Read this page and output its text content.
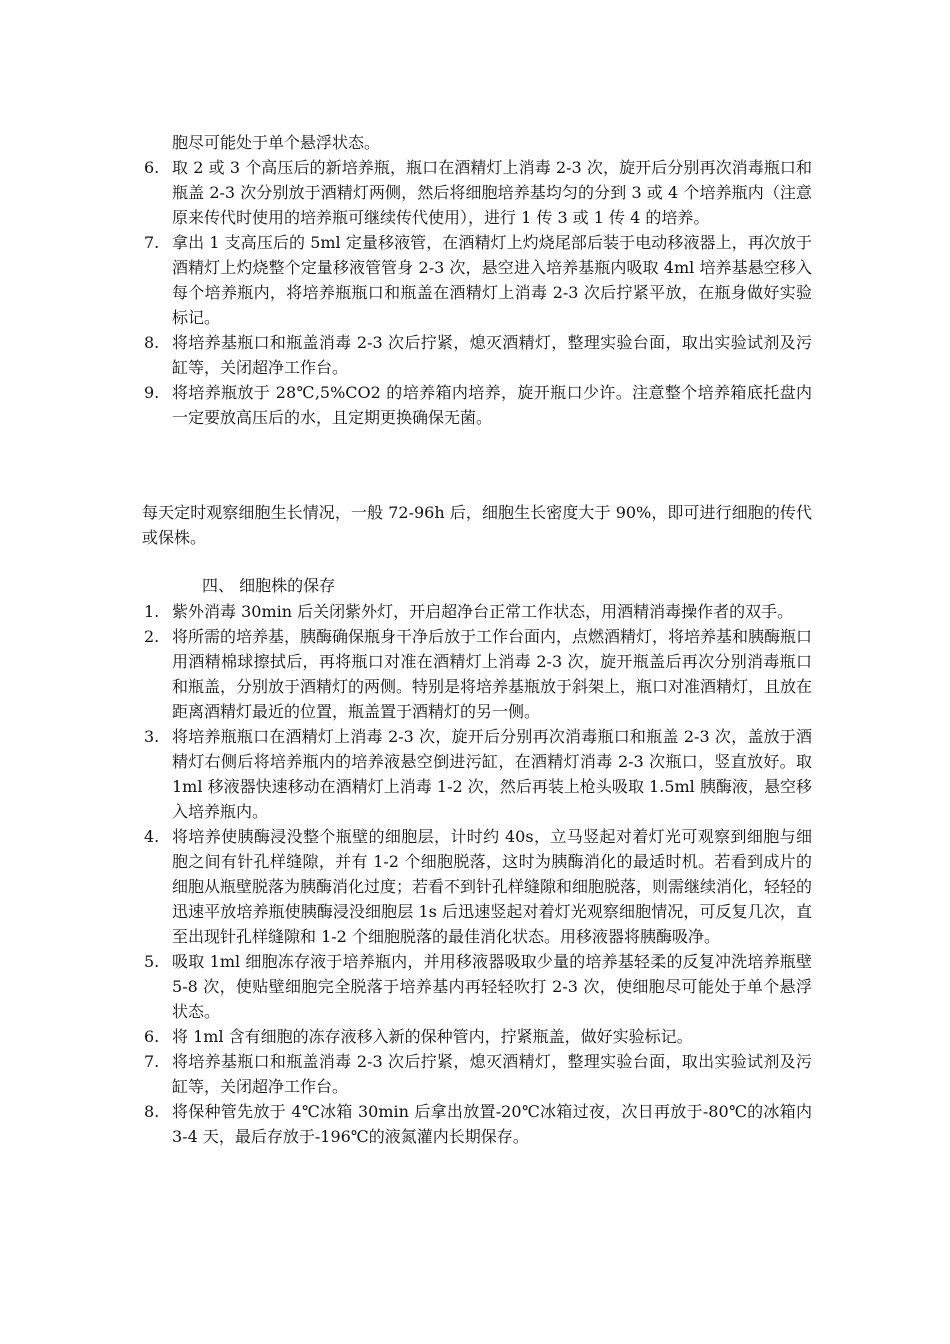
胞尽可能处于单个悬浮状态。

6. 取 2 或 3 个高压后的新培养瓶，瓶口在酒精灯上消毒 2-3 次，旋开后分别再次消毒瓶口和瓶盖 2-3 次分别放于酒精灯两侧，然后将细胞培养基均匀的分到 3 或 4 个培养瓶内（注意原来传代时使用的培养瓶可继续传代使用），进行 1 传 3 或 1 传 4 的培养。
7. 拿出 1 支高压后的 5ml 定量移液管，在酒精灯上灼烧尾部后装于电动移液器上，再次放于酒精灯上灼烧整个定量移液管管身 2-3 次，悬空进入培养基瓶内吸取 4ml 培养基悬空移入每个培养瓶内，将培养瓶瓶口和瓶盖在酒精灯上消毒 2-3 次后拧紧平放，在瓶身做好实验标记。
8. 将培养基瓶口和瓶盖消毒 2-3 次后拧紧，熄灭酒精灯，整理实验台面，取出实验试剂及污缸等，关闭超净工作台。
9. 将培养瓶放于 28℃,5%CO2 的培养箱内培养，旋开瓶口少许。注意整个培养箱底托盘内一定要放高压后的水，且定期更换确保无菌。

每天定时观察细胞生长情况，一般 72-96h 后，细胞生长密度大于 90%，即可进行细胞的传代或保株。

四、 细胞株的保存
1. 紫外消毒 30min 后关闭紫外灯，开启超净台正常工作状态，用酒精消毒操作者的双手。
2. 将所需的培养基，胰酶确保瓶身干净后放于工作台面内，点燃酒精灯，将培养基和胰酶瓶口用酒精棉球擦拭后，再将瓶口对准在酒精灯上消毒 2-3 次，旋开瓶盖后再次分别消毒瓶口和瓶盖，分别放于酒精灯的两侧。特别是将培养基瓶放于斜架上，瓶口对准酒精灯，且放在距离酒精灯最近的位置，瓶盖置于酒精灯的另一侧。
3. 将培养瓶瓶口在酒精灯上消毒 2-3 次，旋开后分别再次消毒瓶口和瓶盖 2-3 次，盖放于酒精灯右侧后将培养瓶内的培养液悬空倒进污缸，在酒精灯消毒 2-3 次瓶口，竖直放好。取 1ml 移液器快速移动在酒精灯上消毒 1-2 次，然后再装上枪头吸取 1.5ml 胰酶液，悬空移入培养瓶内。
4. 将培养使胰酶浸没整个瓶壁的细胞层，计时约 40s，立马竖起对着灯光可观察到细胞与细胞之间有针孔样缝隙，并有 1-2 个细胞脱落，这时为胰酶消化的最适时机。若看到成片的细胞从瓶壁脱落为胰酶消化过度；若看不到针孔样缝隙和细胞脱落，则需继续消化，轻轻的迅速平放培养瓶使胰酶浸没细胞层 1s 后迅速竖起对着灯光观察细胞情况，可反复几次，直至出现针孔样缝隙和 1-2 个细胞脱落的最佳消化状态。用移液器将胰酶吸净。
5. 吸取 1ml 细胞冻存液于培养瓶内，并用移液器吸取少量的培养基轻柔的反复冲洗培养瓶壁 5-8 次，使贴壁细胞完全脱落于培养基内再轻轻吹打 2-3 次，使细胞尽可能处于单个悬浮状态。
6. 将 1ml 含有细胞的冻存液移入新的保种管内，拧紧瓶盖，做好实验标记。
7. 将培养基瓶口和瓶盖消毒 2-3 次后拧紧，熄灭酒精灯，整理实验台面，取出实验试剂及污缸等，关闭超净工作台。
8. 将保种管先放于 4℃冰箱 30min 后拿出放置-20℃冰箱过夜，次日再放于-80℃的冰箱内 3-4 天，最后存放于-196℃的液氮灌内长期保存。
